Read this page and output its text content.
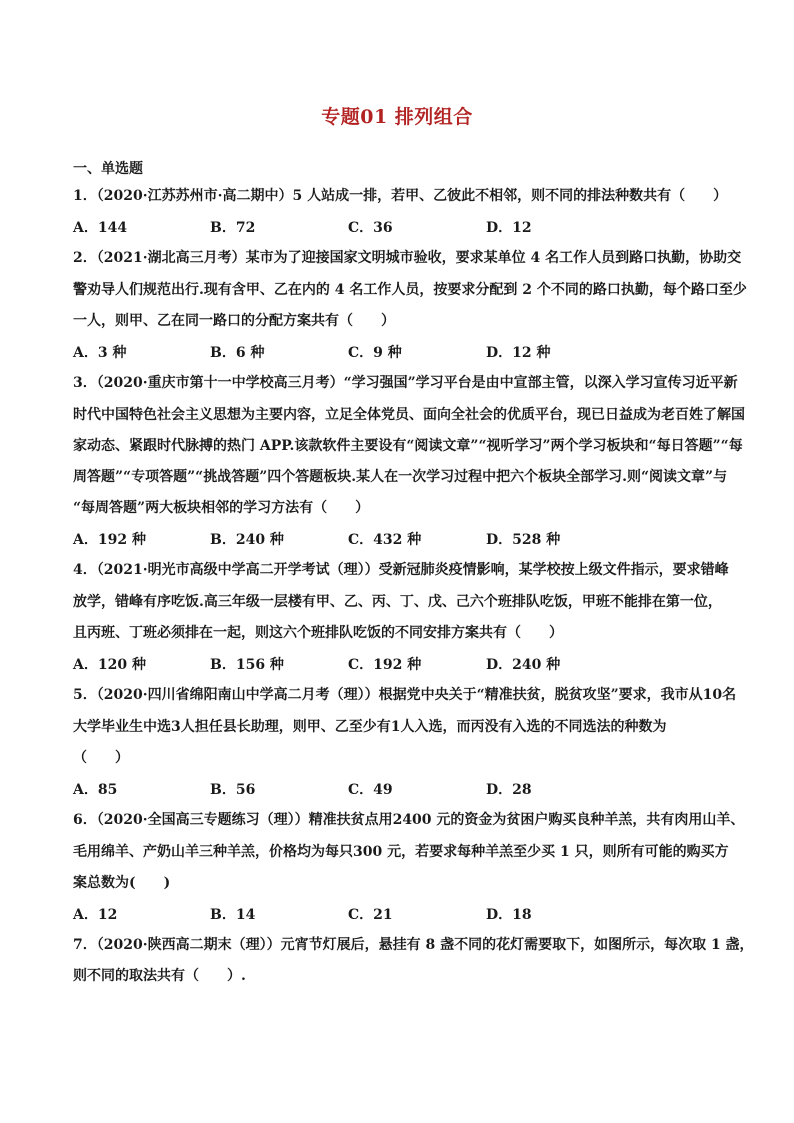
专题01 排列组合
一、单选题
1．（2020·江苏苏州市·高二期中）5 人站成一排，若甲、乙彼此不相邻，则不同的排法种数共有（　　）
A．144	B．72	C．36	D．12
2．（2021·湖北高三月考）某市为了迎接国家文明城市验收，要求某单位 4 名工作人员到路口执勤，协助交
警劝导人们规范出行.现有含甲、乙在内的 4 名工作人员，按要求分配到 2 个不同的路口执勤，每个路口至少
一人，则甲、乙在同一路口的分配方案共有（　　）
A．3 种	B．6 种	C．9 种	D．12 种
3．（2020·重庆市第十一中学校高三月考）“学习强国”学习平台是由中宣部主管，以深入学习宣传习近平新
时代中国特色社会主义思想为主要内容，立足全体党员、面向全社会的优质平台，现已日益成为老百姓了解国
家动态、紧跟时代脉搏的热门 APP.该款软件主要设有“阅读文章”“视听学习”两个学习板块和“每日答题”“每
周答题”“专项答题”“挑战答题”四个答题板块.某人在一次学习过程中把六个板块全部学习.则“阅读文章”与
“每周答题”两大板块相邻的学习方法有（　　）
A．192 种	B．240 种	C．432 种	D．528 种
4．（2021·明光市高级中学高二开学考试（理））受新冠肺炎疫情影响，某学校按上级文件指示，要求错峰
放学，错峰有序吃饭.高三年级一层楼有甲、乙、丙、丁、戊、己六个班排队吃饭，甲班不能排在第一位，
且丙班、丁班必须排在一起，则这六个班排队吃饭的不同安排方案共有（　　）
A．120 种	B．156 种	C．192 种	D．240 种
5．（2020·四川省绵阳南山中学高二月考（理））根据党中央关于“精准扶贫，脱贫攻坚”要求，我市从10名
大学毕业生中选3人担任县长助理，则甲、乙至少有1人入选，而丙没有入选的不同选法的种数为
（　　）
A．85	B．56	C．49	D．28
6．（2020·全国高三专题练习（理））精准扶贫点用2400 元的资金为贫困户购买良种羊羔，共有肉用山羊、
毛用绵羊、产奶山羊三种羊羔，价格均为每只300 元，若要求每种羊羔至少买 1 只，则所有可能的购买方
案总数为(　　)
A．12	B．14	C．21	D．18
7．（2020·陕西高二期末（理））元宵节灯展后，悬挂有 8 盏不同的花灯需要取下，如图所示，每次取 1 盏，
则不同的取法共有（　　）.
